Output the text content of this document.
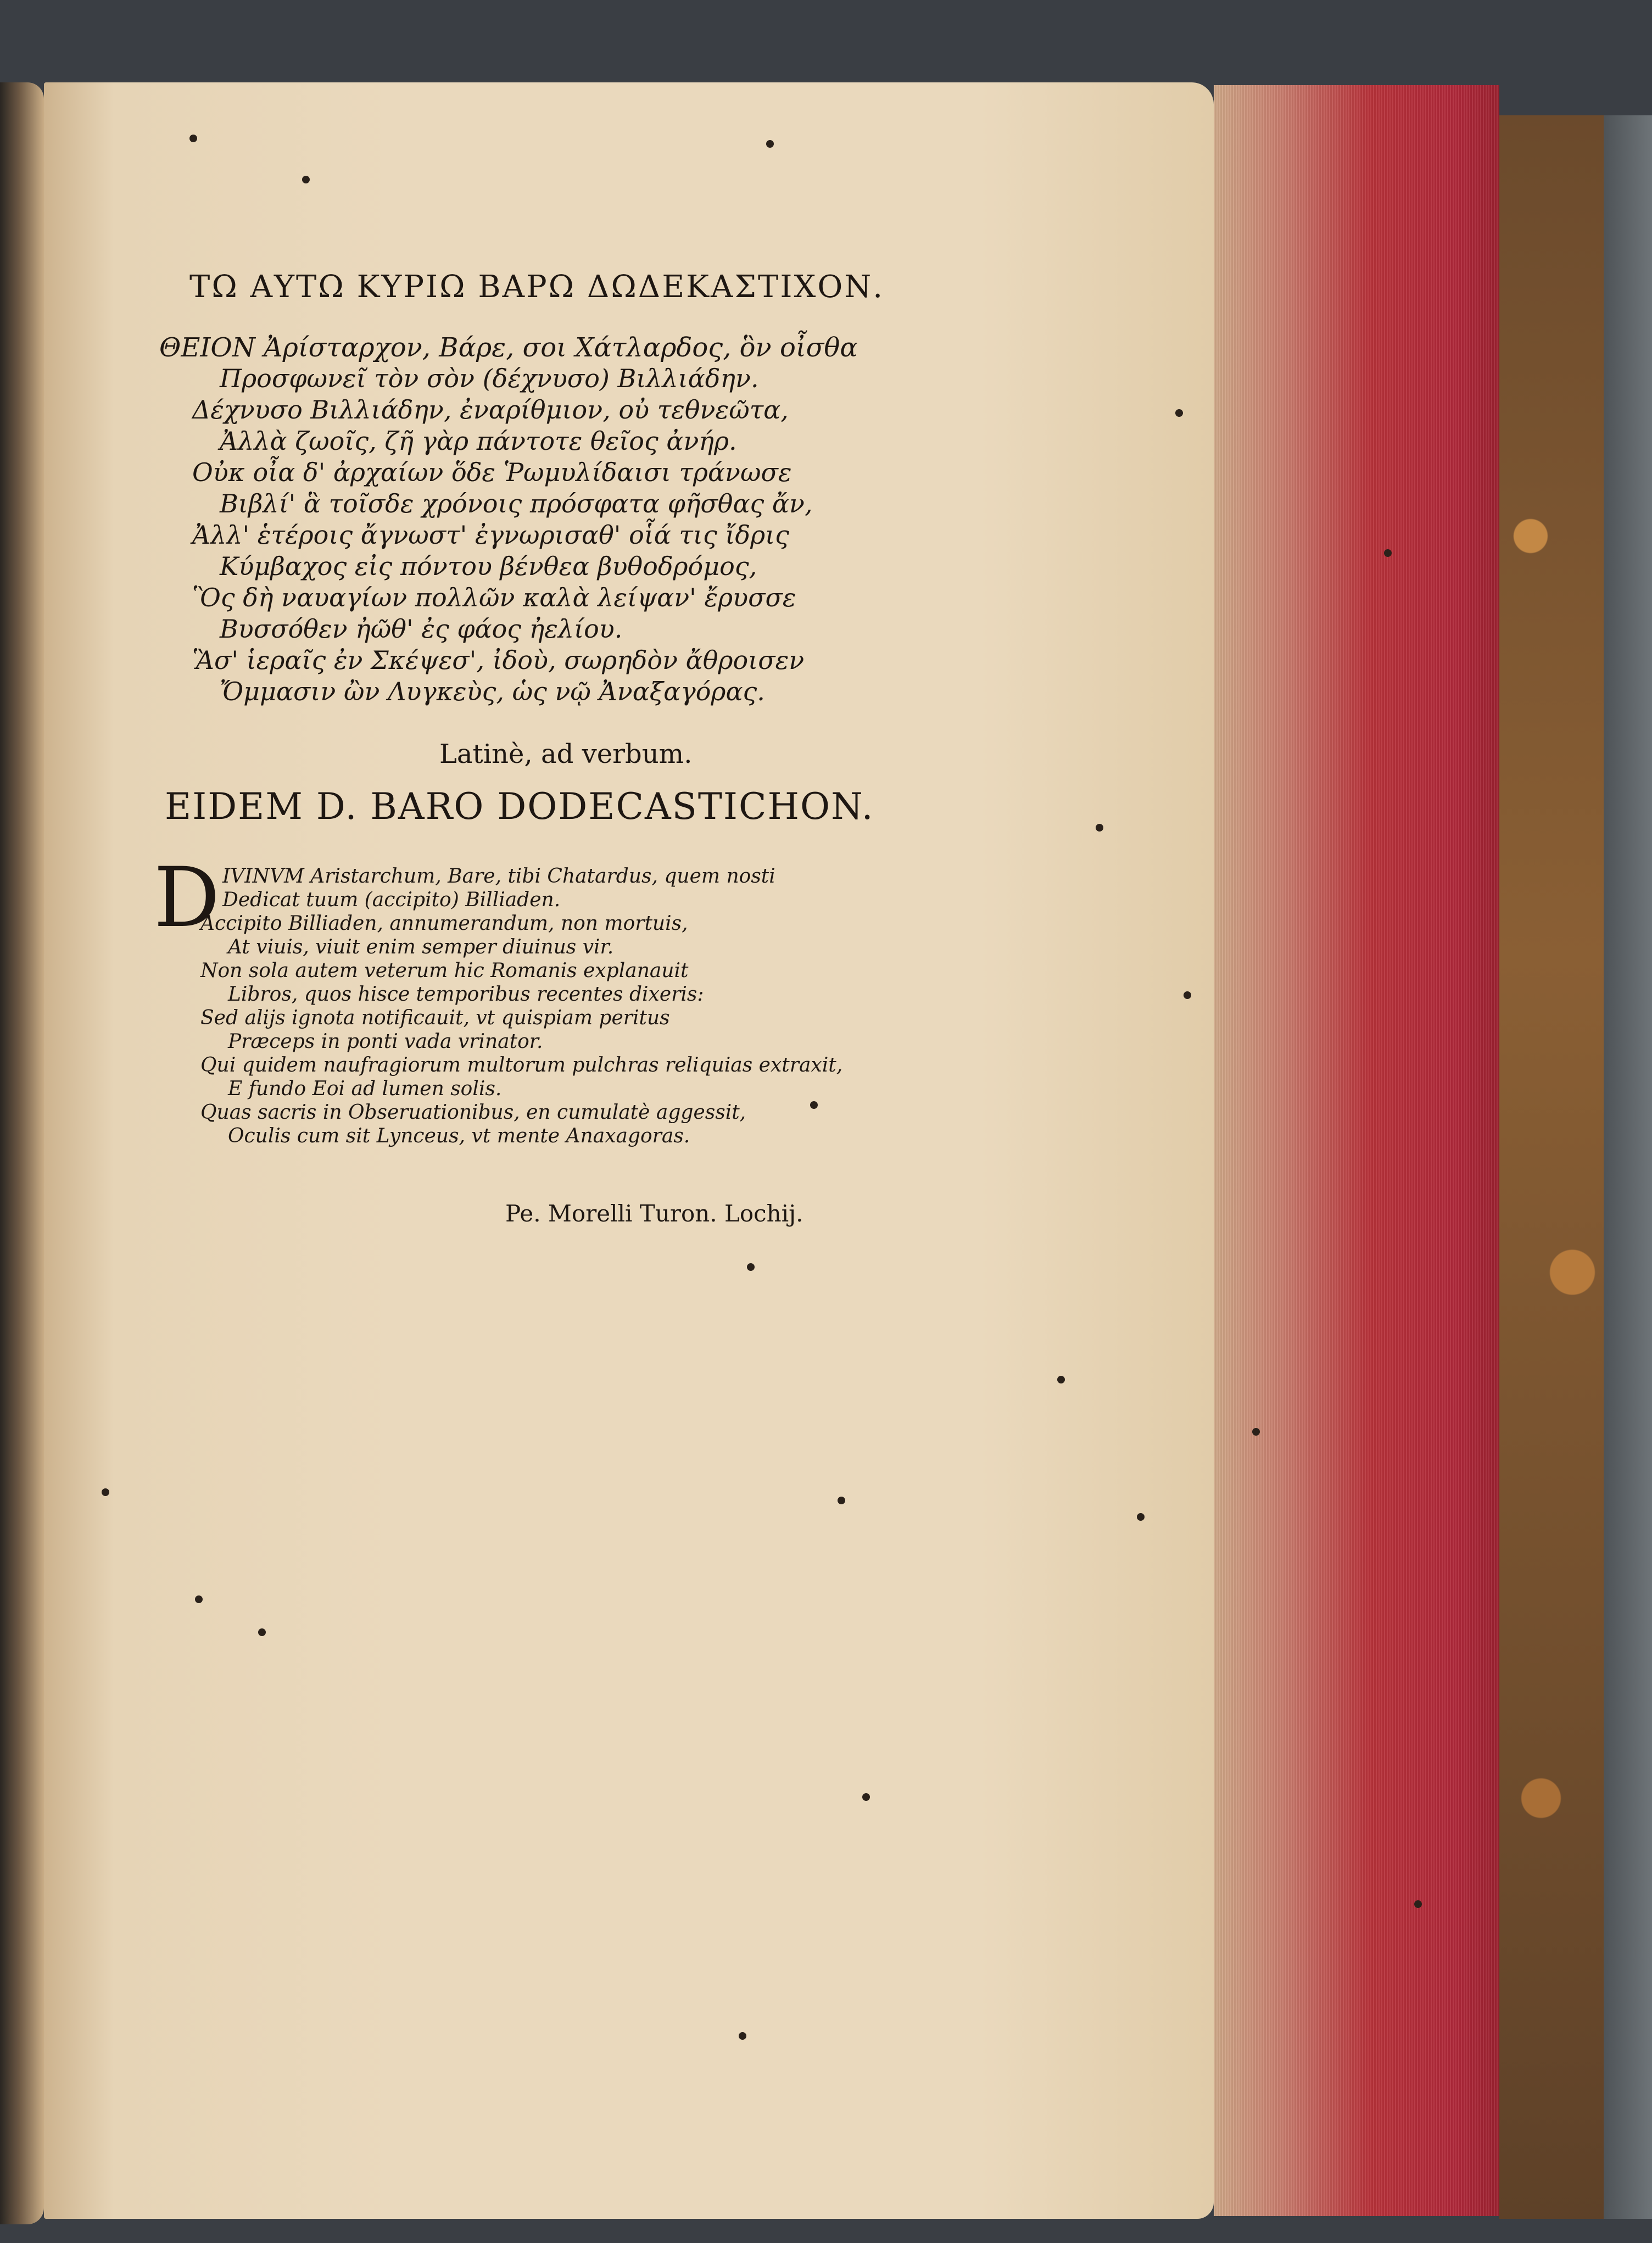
ΤΩ ΑΥΤΩ ΚΥΡΙΩ ΒΑΡΩ ΔΩΔΕΚΑΣΤΙΧΟΝ.
ΘΕΙΟΝ Ἀρίσταρχον, Βάρε, σοι Χάτλαρδος, ὃν οἶσθα
Προσφωνεῖ τὸν σὸν (δέχνυσο) Βιλλιάδην.
Δέχνυσο Βιλλιάδην, ἐναρίθμιον, οὐ τεθνεῶτα,
Ἀλλὰ ζωοῖς, ζῆ γὰρ πάντοτε θεῖος ἀνήρ.
Οὐκ οἶα δ' ἀρχαίων ὅδε Ῥωμυλίδαισι τράνωσε
Βιβλί' ἃ τοῖσδε χρόνοις πρόσφατα φῆσθας ἄν,
Ἀλλ' ἑτέροις ἄγνωστ' ἐγνωρισαθ' οἷά τις ἴδρις
Κύμβαχος εἰς πόντου βένθεα βυθοδρόμος,
Ὃς δὴ ναυαγίων πολλῶν καλὰ λείψαν' ἔρυσσε
Βυσσόθεν ἠῶθ' ἐς φάος ἠελίου.
Ἃσ' ἱεραῖς ἐν Σκέψεσ', ἰδοὺ, σωρηδὸν ἄθροισεν
Ὄμμασιν ὢν Λυγκεὺς, ὡς νῷ Ἀναξαγόρας.
Latinè, ad verbum.
EIDEM D. BARO DODECASTICHON.
D IVINVM Aristarchum, Bare, tibi Chatardus, quem nosti
Dedicat tuum (accipito) Billiaden.
Accipito Billiaden, annumerandum, non mortuis,
At viuis, viuit enim semper diuinus vir.
Non sola autem veterum hic Romanis explanauit
Libros, quos hisce temporibus recentes dixeris:
Sed alijs ignota notificauit, vt quispiam peritus
Præceps in ponti vada vrinator.
Qui quidem naufragiorum multorum pulchras reliquias extraxit,
E fundo Eoi ad lumen solis.
Quas sacris in Obseruationibus, en cumulatè aggessit,
Oculis cum sit Lynceus, vt mente Anaxagoras.
Pe. Morelli Turon. Lochij.
